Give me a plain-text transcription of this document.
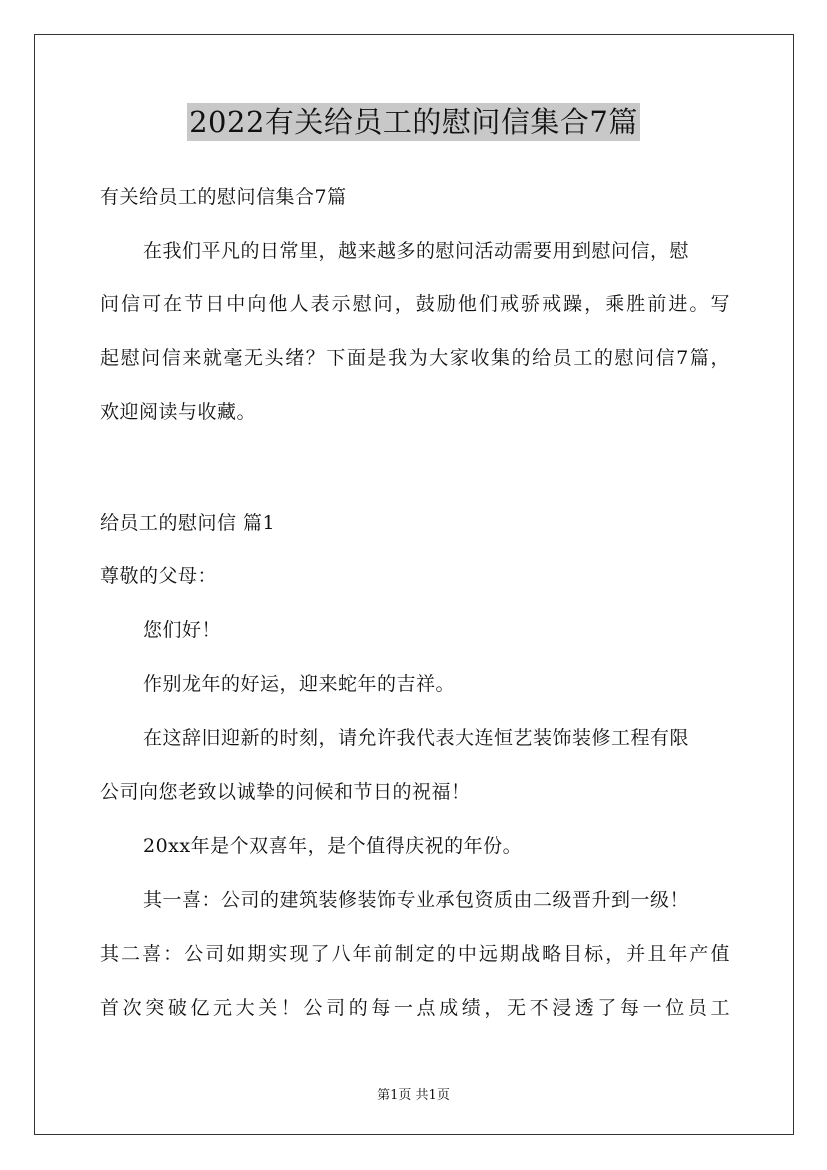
2022有关给员工的慰问信集合7篇
有关给员工的慰问信集合7篇
在我们平凡的日常里，越来越多的慰问活动需要用到慰问信，慰
问信可在节日中向他人表示慰问，鼓励他们戒骄戒躁，乘胜前进。写
起慰问信来就毫无头绪？下面是我为大家收集的给员工的慰问信7篇，
欢迎阅读与收藏。
给员工的慰问信 篇1
尊敬的父母：
您们好！
作别龙年的好运，迎来蛇年的吉祥。
在这辞旧迎新的时刻，请允许我代表大连恒艺装饰装修工程有限
公司向您老致以诚挚的问候和节日的祝福！
20xx年是个双喜年，是个值得庆祝的年份。
其一喜：公司的建筑装修装饰专业承包资质由二级晋升到一级！
其二喜：公司如期实现了八年前制定的中远期战略目标，并且年产值
首次突破亿元大关！公司的每一点成绩，无不浸透了每一位员工
第1页 共1页
